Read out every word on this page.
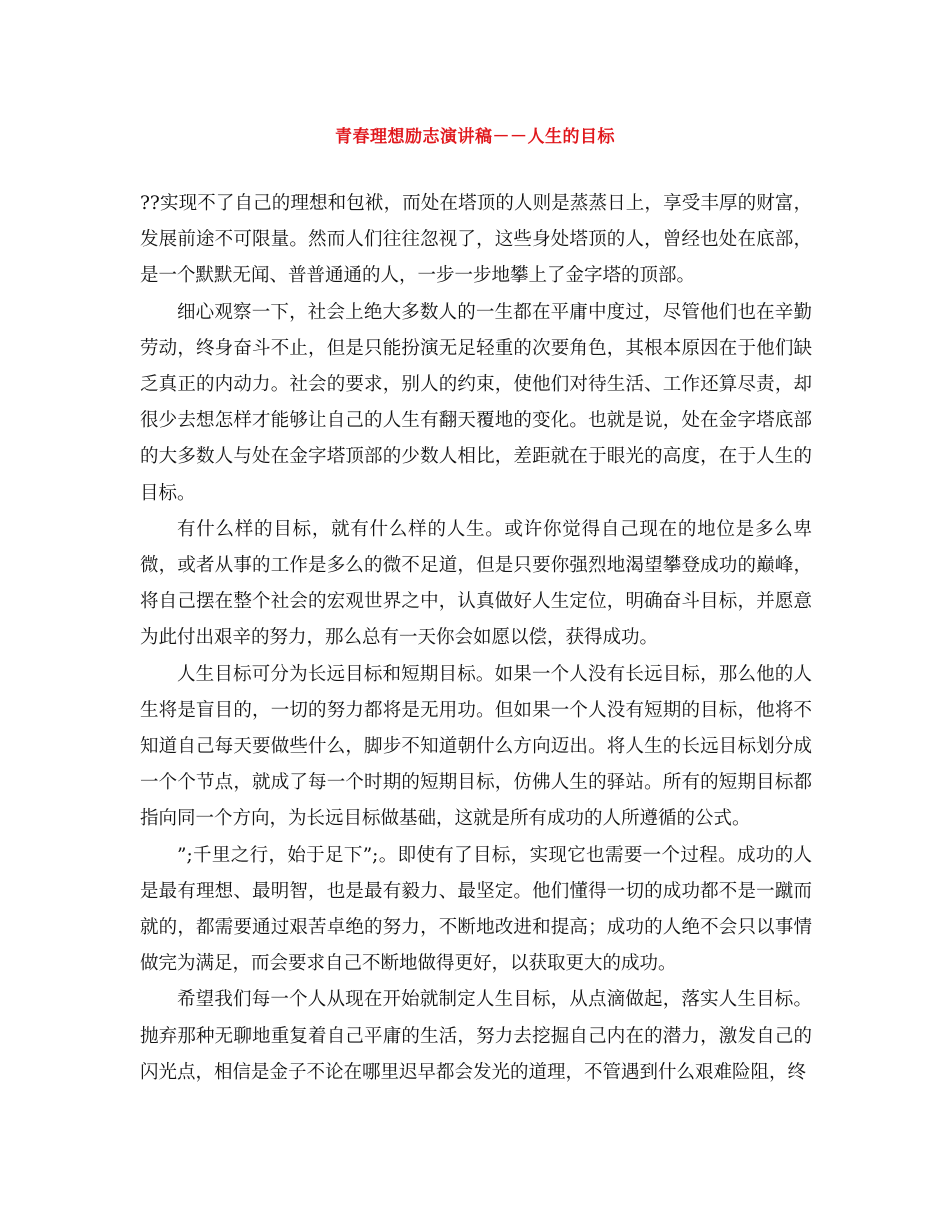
青春理想励志演讲稿－－人生的目标

??实现不了自己的理想和包袱，而处在塔顶的人则是蒸蒸日上，享受丰厚的财富，发展前途不可限量。然而人们往往忽视了，这些身处塔顶的人，曾经也处在底部，是一个默默无闻、普普通通的人，一步一步地攀上了金字塔的顶部。

细心观察一下，社会上绝大多数人的一生都在平庸中度过，尽管他们也在辛勤劳动，终身奋斗不止，但是只能扮演无足轻重的次要角色，其根本原因在于他们缺乏真正的内动力。社会的要求，别人的约束，使他们对待生活、工作还算尽责，却很少去想怎样才能够让自己的人生有翻天覆地的变化。也就是说，处在金字塔底部的大多数人与处在金字塔顶部的少数人相比，差距就在于眼光的高度，在于人生的目标。

有什么样的目标，就有什么样的人生。或许你觉得自己现在的地位是多么卑微，或者从事的工作是多么的微不足道，但是只要你强烈地渴望攀登成功的巅峰，将自己摆在整个社会的宏观世界之中，认真做好人生定位，明确奋斗目标，并愿意为此付出艰辛的努力，那么总有一天你会如愿以偿，获得成功。

人生目标可分为长远目标和短期目标。如果一个人没有长远目标，那么他的人生将是盲目的，一切的努力都将是无用功。但如果一个人没有短期的目标，他将不知道自己每天要做些什么，脚步不知道朝什么方向迈出。将人生的长远目标划分成一个个节点，就成了每一个时期的短期目标，仿佛人生的驿站。所有的短期目标都指向同一个方向，为长远目标做基础，这就是所有成功的人所遵循的公式。

”;千里之行，始于足下”;。即使有了目标，实现它也需要一个过程。成功的人是最有理想、最明智，也是最有毅力、最坚定。他们懂得一切的成功都不是一蹴而就的，都需要通过艰苦卓绝的努力，不断地改进和提高；成功的人绝不会只以事情做完为满足，而会要求自己不断地做得更好，以获取更大的成功。

希望我们每一个人从现在开始就制定人生目标，从点滴做起，落实人生目标。抛弃那种无聊地重复着自己平庸的生活，努力去挖掘自己内在的潜力，激发自己的闪光点，相信是金子不论在哪里迟早都会发光的道理，不管遇到什么艰难险阻，终
